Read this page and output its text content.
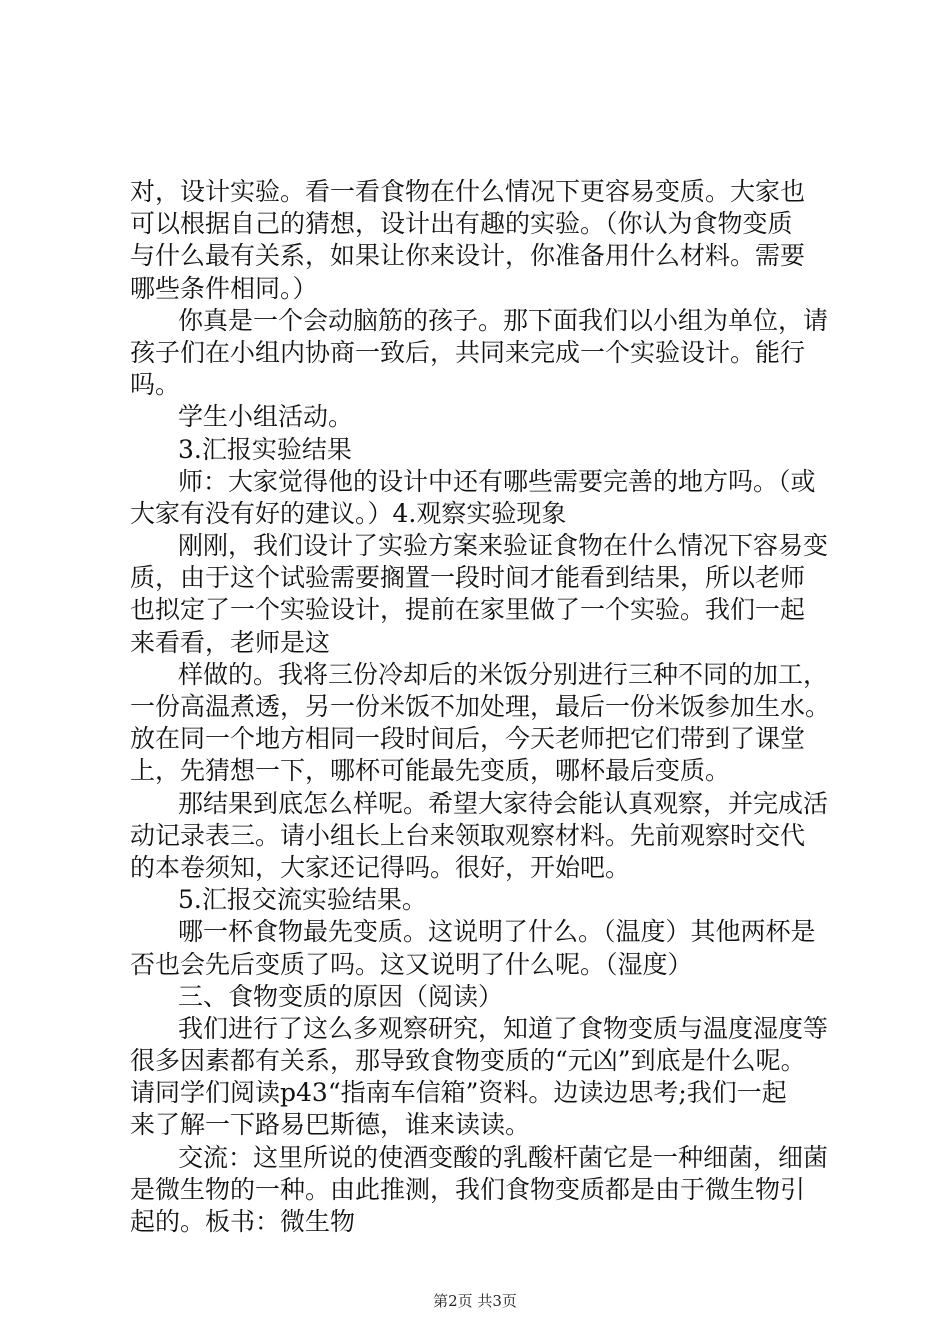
对，设计实验。看一看食物在什么情况下更容易变质。大家也
可以根据自己的猜想，设计出有趣的实验。（你认为食物变质
与什么最有关系，如果让你来设计，你准备用什么材料。需要
哪些条件相同。）
你真是一个会动脑筋的孩子。那下面我们以小组为单位，请
孩子们在小组内协商一致后，共同来完成一个实验设计。能行
吗。
学生小组活动。
3.汇报实验结果
师：大家觉得他的设计中还有哪些需要完善的地方吗。（或
大家有没有好的建议。）4.观察实验现象
刚刚，我们设计了实验方案来验证食物在什么情况下容易变
质，由于这个试验需要搁置一段时间才能看到结果，所以老师
也拟定了一个实验设计，提前在家里做了一个实验。我们一起
来看看，老师是这
样做的。我将三份冷却后的米饭分别进行三种不同的加工，
一份高温煮透，另一份米饭不加处理，最后一份米饭参加生水。
放在同一个地方相同一段时间后，今天老师把它们带到了课堂
上，先猜想一下，哪杯可能最先变质，哪杯最后变质。
那结果到底怎么样呢。希望大家待会能认真观察，并完成活
动记录表三。请小组长上台来领取观察材料。先前观察时交代
的本卷须知，大家还记得吗。很好，开始吧。
5.汇报交流实验结果。
哪一杯食物最先变质。这说明了什么。（温度）其他两杯是
否也会先后变质了吗。这又说明了什么呢。（湿度）
三、食物变质的原因（阅读）
我们进行了这么多观察研究，知道了食物变质与温度湿度等
很多因素都有关系，那导致食物变质的“元凶”到底是什么呢。
请同学们阅读p43“指南车信箱”资料。边读边思考;我们一起
来了解一下路易巴斯德，谁来读读。
交流：这里所说的使酒变酸的乳酸杆菌它是一种细菌，细菌
是微生物的一种。由此推测，我们食物变质都是由于微生物引
起的。板书：微生物
第2页 共3页
